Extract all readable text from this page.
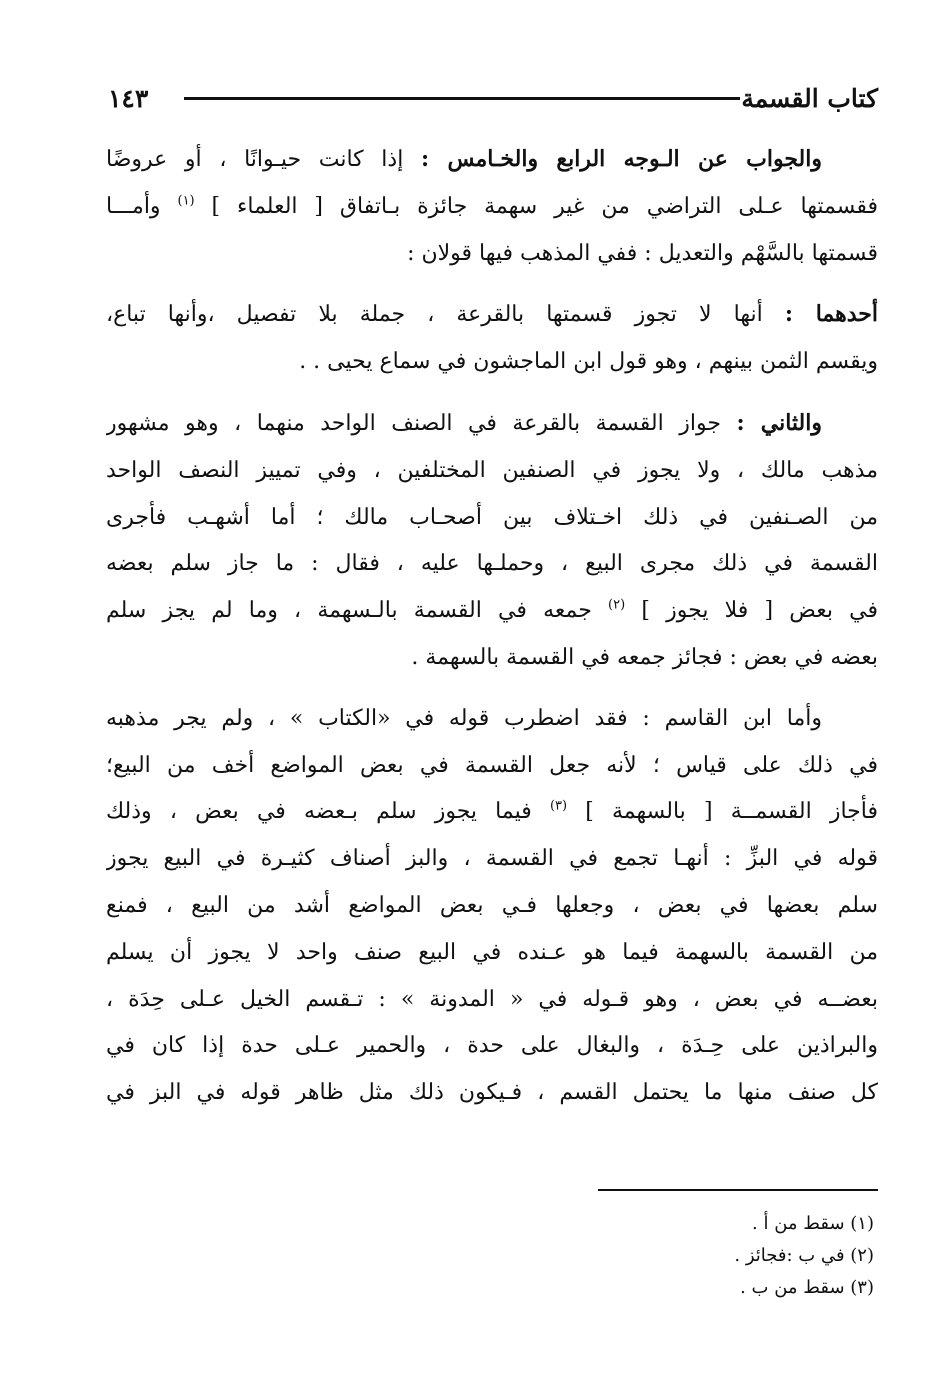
كتاب القسمة
١٤٣
والجواب عن الـوجه الرابع والخـامس : إذا كانت حيـوانًا ، أو عروضًا
فقسمتها عـلى التراضي من غير سهمة جائزة بـاتفاق [ العلماء ] $^{(١)}$ وأمـــا
قسمتها بالسَّهْم والتعديل : ففي المذهب فيها قولان :
أحدهما : أنها لا تجوز قسمتها بالقرعة ، جملة بلا تفصيل ،وأنها تباع،
ويقسم الثمن بينهم ، وهو قول ابن الماجشون في سماع يحيى . .
والثاني : جواز القسمة بالقرعة في الصنف الواحد منهما ، وهو مشهور
مذهب مالك ، ولا يجوز في الصنفين المختلفين ، وفي تمييز النصف الواحد
من الصـنفين في ذلك اخـتلاف بين أصحـاب مالك ؛ أما أشهـب فأجرى
القسمة في ذلك مجرى البيع ، وحملـها عليه ، فقال : ما جاز سلم بعضه
في بعض [ فلا يجوز ] $^{(٢)}$ جمعه في القسمة بالـسهمة ، وما لم يجز سلم
بعضه في بعض : فجائز جمعه في القسمة بالسهمة .
وأما ابن القاسم : فقد اضطرب قوله في «الكتاب » ، ولم يجر مذهبه
في ذلك على قياس ؛ لأنه جعل القسمة في بعض المواضع أخف من البيع؛
فأجاز القسمــة [ بالسهمة ] $^{(٣)}$ فيما يجوز سلم بـعضه في بعض ، وذلك
قوله في البزِّ : أنهـا تجمع في القسمة ، والبز أصناف كثيـرة في البيع يجوز
سلم بعضها في بعض ، وجعلها فـي بعض المواضع أشد من البيع ، فمنع
من القسمة بالسهمة فيما هو عـنده في البيع صنف واحد لا يجوز أن يسلم
بعضــه في بعض ، وهو قـوله في « المدونة » : تـقسم الخيل عـلى حِدَة ،
والبراذين على حِـدَة ، والبغال على حدة ، والحمير عـلى حدة إذا كان في
كل صنف منها ما يحتمل القسم ، فـيكون ذلك مثل ظاهر قوله في البز في
(١) سقط من أ .
(٢) في ب :فجائز .
(٣) سقط من ب .
